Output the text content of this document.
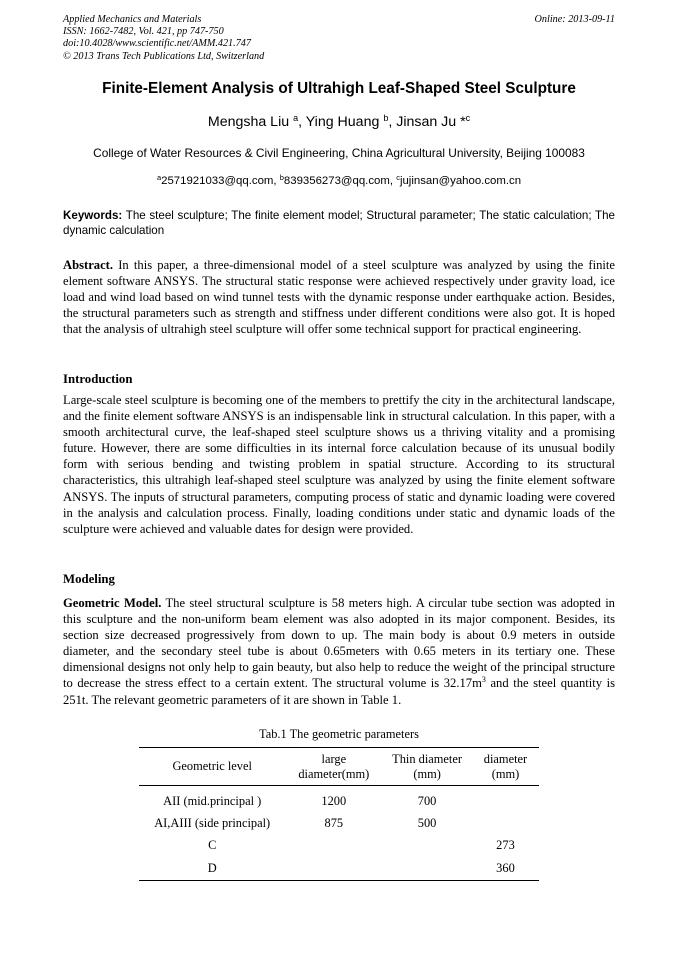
Applied Mechanics and Materials
ISSN: 1662-7482, Vol. 421, pp 747-750
doi:10.4028/www.scientific.net/AMM.421.747
© 2013 Trans Tech Publications Ltd, Switzerland
Online: 2013-09-11
Finite-Element Analysis of Ultrahigh Leaf-Shaped Steel Sculpture
Mengsha Liu $^a$, Ying Huang $^b$, Jinsan Ju *$^c$
College of Water Resources & Civil Engineering, China Agricultural University, Beijing 100083
$^a$2571921033@qq.com, $^b$839356273@qq.com, $^c$jujinsan@yahoo.com.cn
Keywords: The steel sculpture; The finite element model; Structural parameter; The static calculation; The dynamic calculation
Abstract. In this paper, a three-dimensional model of a steel sculpture was analyzed by using the finite element software ANSYS. The structural static response were achieved respectively under gravity load, ice load and wind load based on wind tunnel tests with the dynamic response under earthquake action. Besides, the structural parameters such as strength and stiffness under different conditions were also got. It is hoped that the analysis of ultrahigh steel sculpture will offer some technical support for practical engineering.
Introduction
Large-scale steel sculpture is becoming one of the members to prettify the city in the architectural landscape, and the finite element software ANSYS is an indispensable link in structural calculation. In this paper, with a smooth architectural curve, the leaf-shaped steel sculpture shows us a thriving vitality and a promising future. However, there are some difficulties in its internal force calculation because of its unusual bodily form with serious bending and twisting problem in spatial structure. According to its structural characteristics, this ultrahigh leaf-shaped steel sculpture was analyzed by using the finite element software ANSYS. The inputs of structural parameters, computing process of static and dynamic loading were covered in the analysis and calculation process. Finally, loading conditions under static and dynamic loads of the sculpture were achieved and valuable dates for design were provided.
Modeling
Geometric Model. The steel structural sculpture is 58 meters high. A circular tube section was adopted in this sculpture and the non-uniform beam element was also adopted in its major component. Besides, its section size decreased progressively from down to up. The main body is about 0.9 meters in outside diameter, and the secondary steel tube is about 0.65meters with 0.65 meters in its tertiary one. These dimensional designs not only help to gain beauty, but also help to reduce the weight of the principal structure to decrease the stress effect to a certain extent. The structural volume is $32.17m^3$ and the steel quantity is 251t. The relevant geometric parameters of it are shown in Table 1.
Tab.1 The geometric parameters
Geometric level	large diameter(mm)	Thin diameter (mm)	diameter (mm)
AII (mid.principal )	1200	700	
AI,AIII (side principal)	875	500	
C			273
D			360
